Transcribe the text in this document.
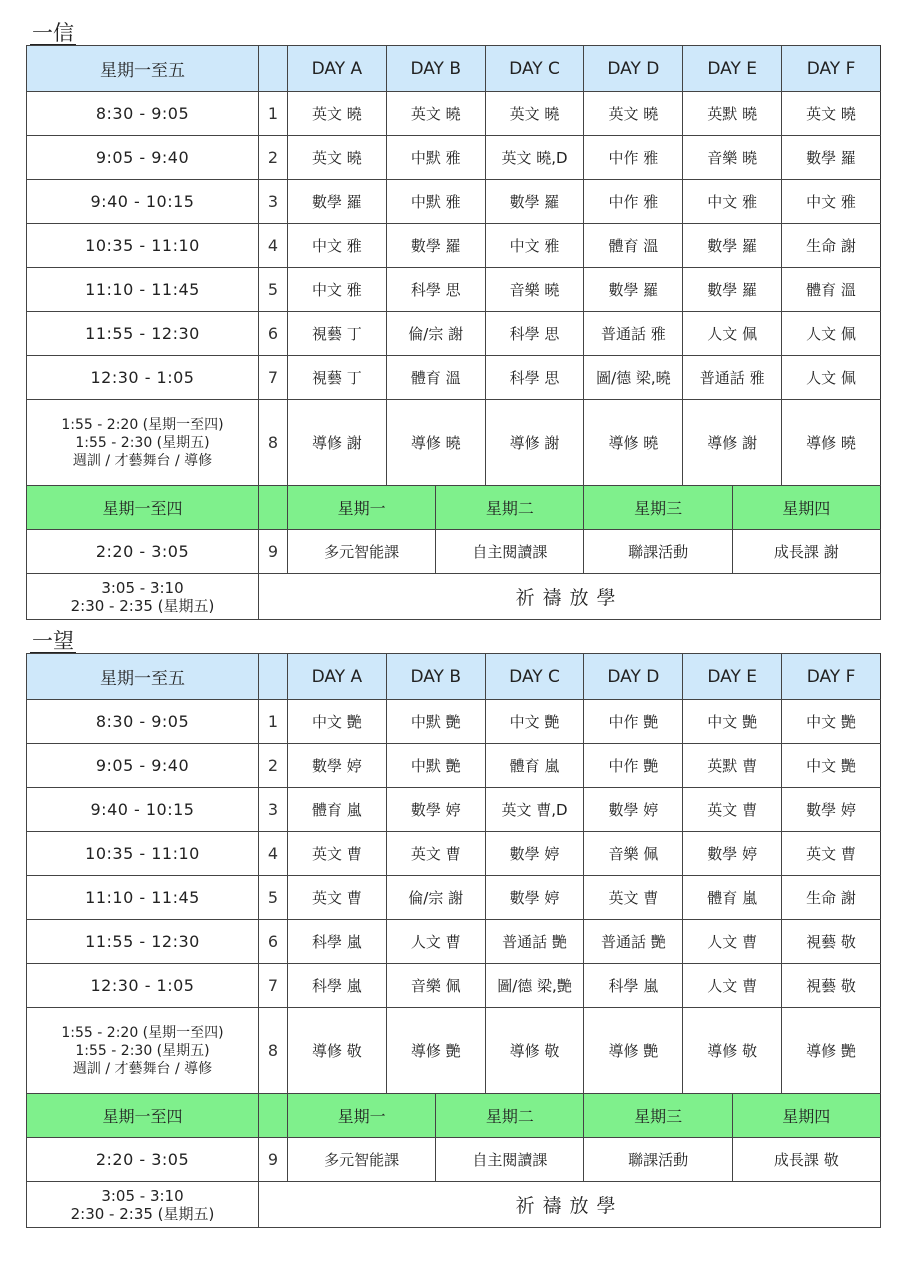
一信
星期一至五		DAY A	DAY B		DAY C	DAY D	DAY E		DAY F
8:30 - 9:05	1	英文 曉	英文 曉		英文 曉	英文 曉	英默 曉		英文 曉
9:05 - 9:40	2	英文 曉	中默 雅		英文 曉,D	中作 雅	音樂 曉		數學 羅
9:40 - 10:15	3	數學 羅	中默 雅		數學 羅	中作 雅	中文 雅		中文 雅
10:35 - 11:10	4	中文 雅	數學 羅		中文 雅	體育 溫	數學 羅		生命 謝
11:10 - 11:45	5	中文 雅	科學 思		音樂 曉	數學 羅	數學 羅		體育 溫
11:55 - 12:30	6	視藝 丁	倫/宗 謝		科學 思	普通話 雅	人文 佩		人文 佩
12:30 - 1:05	7	視藝 丁	體育 溫		科學 思	圖/德 梁,曉	普通話 雅		人文 佩

1:55 - 2:20 (星期一至四)
1:55 - 2:30 (星期五)
週訓 / 才藝舞台 / 導修	8	導修 謝	導修 曉		導修 謝	導修 曉	導修 謝		導修 曉
星期一至四		星期一		星期二		星期三		星期四	
2:20 - 3:05	9	多元智能課		自主閱讀課		聯課活動		成長課 謝	

3:05 - 3:10
2:30 - 2:35 (星期五)	祈禱放學								
一望
星期一至五		DAY A	DAY B		DAY C	DAY D	DAY E		DAY F
8:30 - 9:05	1	中文 艷	中默 艷		中文 艷	中作 艷	中文 艷		中文 艷
9:05 - 9:40	2	數學 婷	中默 艷		體育 嵐	中作 艷	英默 曹		中文 艷
9:40 - 10:15	3	體育 嵐	數學 婷		英文 曹,D	數學 婷	英文 曹		數學 婷
10:35 - 11:10	4	英文 曹	英文 曹		數學 婷	音樂 佩	數學 婷		英文 曹
11:10 - 11:45	5	英文 曹	倫/宗 謝		數學 婷	英文 曹	體育 嵐		生命 謝
11:55 - 12:30	6	科學 嵐	人文 曹		普通話 艷	普通話 艷	人文 曹		視藝 敬
12:30 - 1:05	7	科學 嵐	音樂 佩		圖/德 梁,艷	科學 嵐	人文 曹		視藝 敬

1:55 - 2:20 (星期一至四)
1:55 - 2:30 (星期五)
週訓 / 才藝舞台 / 導修	8	導修 敬	導修 艷		導修 敬	導修 艷	導修 敬		導修 艷
星期一至四		星期一		星期二		星期三		星期四	
2:20 - 3:05	9	多元智能課		自主閱讀課		聯課活動		成長課 敬	

3:05 - 3:10
2:30 - 2:35 (星期五)	祈禱放學								
